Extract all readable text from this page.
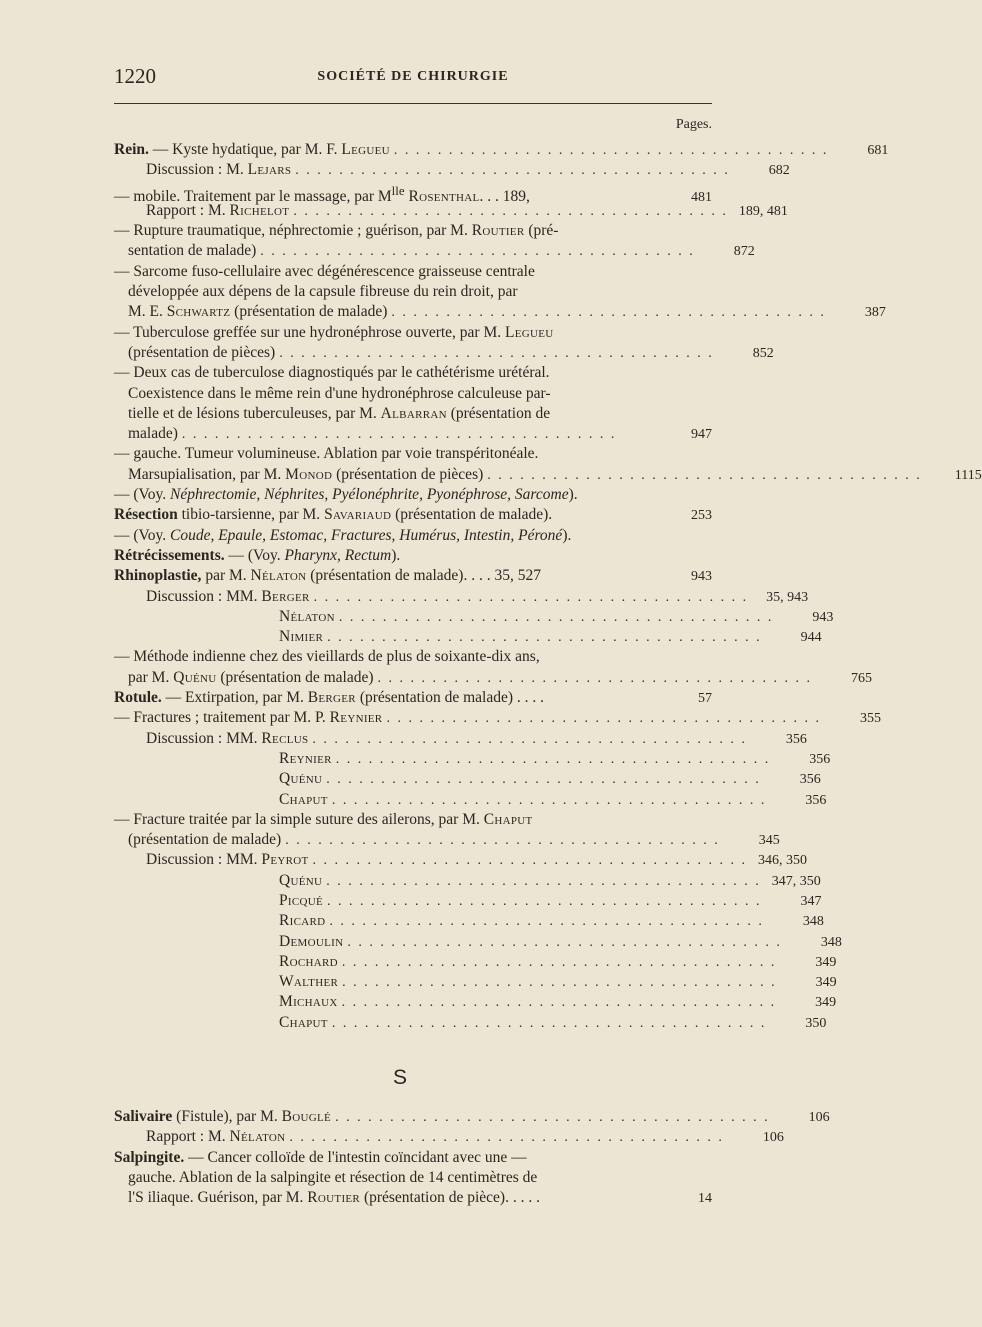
1220	SOCIÉTÉ DE CHIRURGIE
Pages.
Rein. — Kyste hydatique, par M. F. Legueu . . . . . . . . . . . . . . . . . . . . . . . . . . . . . . . . . . . . . . . .	681
Discussion : M. Lejars . . . . . . . . . . . . . . . . . . . . . . . . . . . . . . . . . . . . . . . .	682
— mobile. Traitement par le massage, par $M^{lle}$ Rosenthal. . . 189,	481
Rapport : M. Richelot . . . . . . . . . . . . . . . . . . . . . . . . . . . . . . . . . . . . . . . . 189, 481
— Rupture traumatique, néphrectomie ; guérison, par M. Routier (pré-
sentation de malade) . . . . . . . . . . . . . . . . . . . . . . . . . . . . . . . . . . . . . . . .	872
— Sarcome fuso-cellulaire avec dégénérescence graisseuse centrale
développée aux dépens de la capsule fibreuse du rein droit, par
M. E. Schwartz (présentation de malade) . . . . . . . . . . . . . . . . . . . . . . . . . . . . . . . . . . . . . . . .	387
— Tuberculose greffée sur une hydronéphrose ouverte, par M. Legueu
(présentation de pièces) . . . . . . . . . . . . . . . . . . . . . . . . . . . . . . . . . . . . . . . .	852
— Deux cas de tuberculose diagnostiqués par le cathétérisme urétéral.
Coexistence dans le même rein d'une hydronéphrose calculeuse par-
tielle et de lésions tuberculeuses, par M. Albarran (présentation de
malade) . . . . . . . . . . . . . . . . . . . . . . . . . . . . . . . . . . . . . . . .	947
— gauche. Tumeur volumineuse. Ablation par voie transpéritonéale.
Marsupialisation, par M. Monod (présentation de pièces) . . . . . . . . . . . . . . . . . . . . . . . . . . . . . . . . . . . . . . . .	1115
— (Voy. Néphrectomie, Néphrites, Pyélonéphrite, Pyonéphrose, Sarcome).
Résection tibio-tarsienne, par M. Savariaud (présentation de malade).	253
— (Voy. Coude, Epaule, Estomac, Fractures, Humérus, Intestin, Péroné).
Rétrécissements. — (Voy. Pharynx, Rectum).
Rhinoplastie, par M. Nélaton (présentation de malade). . . . 35, 527	943
Discussion : MM. Berger . . . . . . . . . . . . . . . . . . . . . . . . . . . . . . . . . . . . . . . .	35, 943
Nélaton . . . . . . . . . . . . . . . . . . . . . . . . . . . . . . . . . . . . . . . .	943
Nimier . . . . . . . . . . . . . . . . . . . . . . . . . . . . . . . . . . . . . . . .	944
— Méthode indienne chez des vieillards de plus de soixante-dix ans,
par M. Quénu (présentation de malade) . . . . . . . . . . . . . . . . . . . . . . . . . . . . . . . . . . . . . . . .	765
Rotule. — Extirpation, par M. Berger (présentation de malade) . . . .	57
— Fractures ; traitement par M. P. Reynier . . . . . . . . . . . . . . . . . . . . . . . . . . . . . . . . . . . . . . . .	355
Discussion : MM. Reclus . . . . . . . . . . . . . . . . . . . . . . . . . . . . . . . . . . . . . . . .	356
Reynier . . . . . . . . . . . . . . . . . . . . . . . . . . . . . . . . . . . . . . . .	356
Quénu . . . . . . . . . . . . . . . . . . . . . . . . . . . . . . . . . . . . . . . .	356
Chaput . . . . . . . . . . . . . . . . . . . . . . . . . . . . . . . . . . . . . . . .	356
— Fracture traitée par la simple suture des ailerons, par M. Chaput
(présentation de malade) . . . . . . . . . . . . . . . . . . . . . . . . . . . . . . . . . . . . . . . .	345
Discussion : MM. Peyrot . . . . . . . . . . . . . . . . . . . . . . . . . . . . . . . . . . . . . . . . 346, 350
Quénu . . . . . . . . . . . . . . . . . . . . . . . . . . . . . . . . . . . . . . . . 347, 350
Picqué . . . . . . . . . . . . . . . . . . . . . . . . . . . . . . . . . . . . . . . .	347
Ricard . . . . . . . . . . . . . . . . . . . . . . . . . . . . . . . . . . . . . . . .	348
Demoulin . . . . . . . . . . . . . . . . . . . . . . . . . . . . . . . . . . . . . . . .	348
Rochard . . . . . . . . . . . . . . . . . . . . . . . . . . . . . . . . . . . . . . . .	349
Walther . . . . . . . . . . . . . . . . . . . . . . . . . . . . . . . . . . . . . . . .	349
Michaux . . . . . . . . . . . . . . . . . . . . . . . . . . . . . . . . . . . . . . . .	349
Chaput . . . . . . . . . . . . . . . . . . . . . . . . . . . . . . . . . . . . . . . .	350
S
Salivaire (Fistule), par M. Bouglé . . . . . . . . . . . . . . . . . . . . . . . . . . . . . . . . . . . . . . . .	106
Rapport : M. Nélaton . . . . . . . . . . . . . . . . . . . . . . . . . . . . . . . . . . . . . . . .	106
Salpingite. — Cancer colloïde de l'intestin coïncidant avec une —
gauche. Ablation de la salpingite et résection de 14 centimètres de
l'S iliaque. Guérison, par M. Routier (présentation de pièce). . . . .	14
